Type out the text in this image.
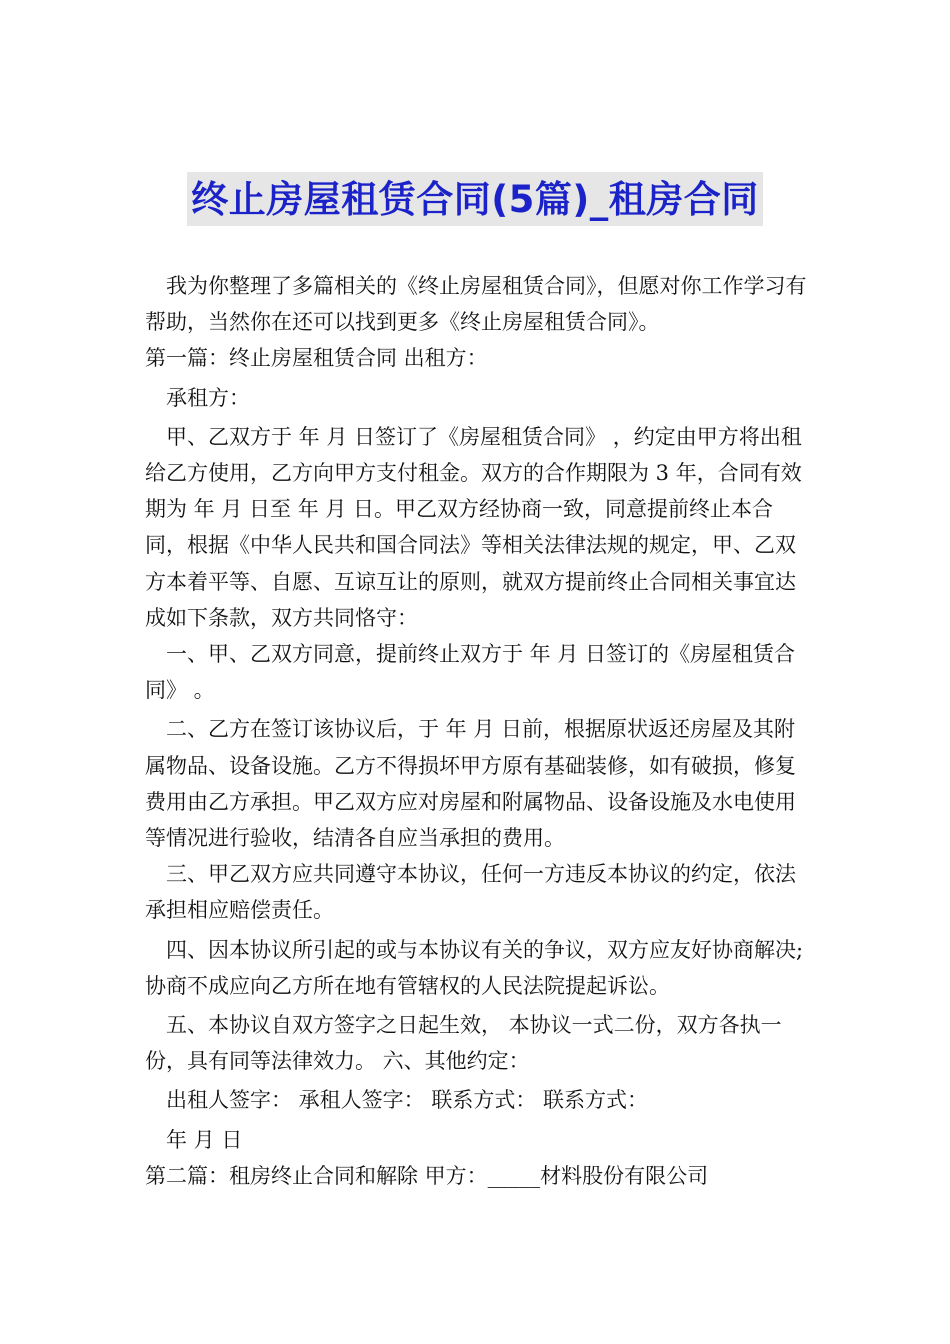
终止房屋租赁合同(5篇)_租房合同

我为你整理了多篇相关的《终止房屋租赁合同》，但愿对你工作学习有帮助，当然你在还可以找到更多《终止房屋租赁合同》。

第一篇：终止房屋租赁合同 出租方：

承租方：

甲、乙双方于 年 月 日签订了《房屋租赁合同》 ，约定由甲方将出租给乙方使用，乙方向甲方支付租金。双方的合作期限为 3 年，合同有效期为 年 月 日至 年 月 日。甲乙双方经协商一致，同意提前终止本合同，根据《中华人民共和国合同法》等相关法律法规的规定，甲、乙双方本着平等、自愿、互谅互让的原则，就双方提前终止合同相关事宜达成如下条款，双方共同恪守：

一、甲、乙双方同意，提前终止双方于 年 月 日签订的《房屋租赁合同》 。

二、乙方在签订该协议后，于 年 月 日前，根据原状返还房屋及其附属物品、设备设施。乙方不得损坏甲方原有基础装修，如有破损，修复费用由乙方承担。甲乙双方应对房屋和附属物品、设备设施及水电使用等情况进行验收，结清各自应当承担的费用。

三、甲乙双方应共同遵守本协议，任何一方违反本协议的约定，依法承担相应赔偿责任。

四、因本协议所引起的或与本协议有关的争议，双方应友好协商解决;协商不成应向乙方所在地有管辖权的人民法院提起诉讼。

五、本协议自双方签字之日起生效， 本协议一式二份，双方各执一份，具有同等法律效力。 六、其他约定：

出租人签字： 承租人签字： 联系方式： 联系方式：

年 月 日

第二篇：租房终止合同和解除 甲方：_____材料股份有限公司
